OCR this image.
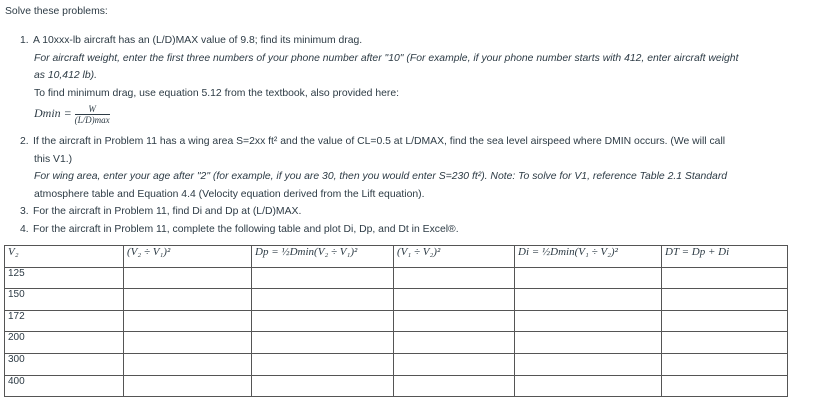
Solve these problems:
1. A 10xxx-lb aircraft has an (L/D)MAX value of 9.8; find its minimum drag.
For aircraft weight, enter the first three numbers of your phone number after "10" (For example, if your phone number starts with 412, enter aircraft weight
as 10,412 lb).
To find minimum drag, use equation 5.12 from the textbook, also provided here:
$Dmin = \frac{W}{(L/D)\max}$
2. If the aircraft in Problem 11 has a wing area S=2xx ft² and the value of CL=0.5 at L/DMAX, find the sea level airspeed where DMIN occurs. (We will call
this V1.)
For wing area, enter your age after "2" (for example, if you are 30, then you would enter S=230 ft²). Note: To solve for V1, reference Table 2.1 Standard
atmosphere table and Equation 4.4 (Velocity equation derived from the Lift equation).
3. For the aircraft in Problem 11, find Di and Dp at (L/D)MAX.
4. For the aircraft in Problem 11, complete the following table and plot Di, Dp, and Dt in Excel®.
V₂	(V₂ ÷ V₁)²	Dp = ½Dmin(V₂ ÷ V₁)²	(V₁ ÷ V₂)²	Di = ½Dmin(V₁ ÷ V₂)²	DT = Dp + Di
125					
150					
172					
200					
300					
400					
